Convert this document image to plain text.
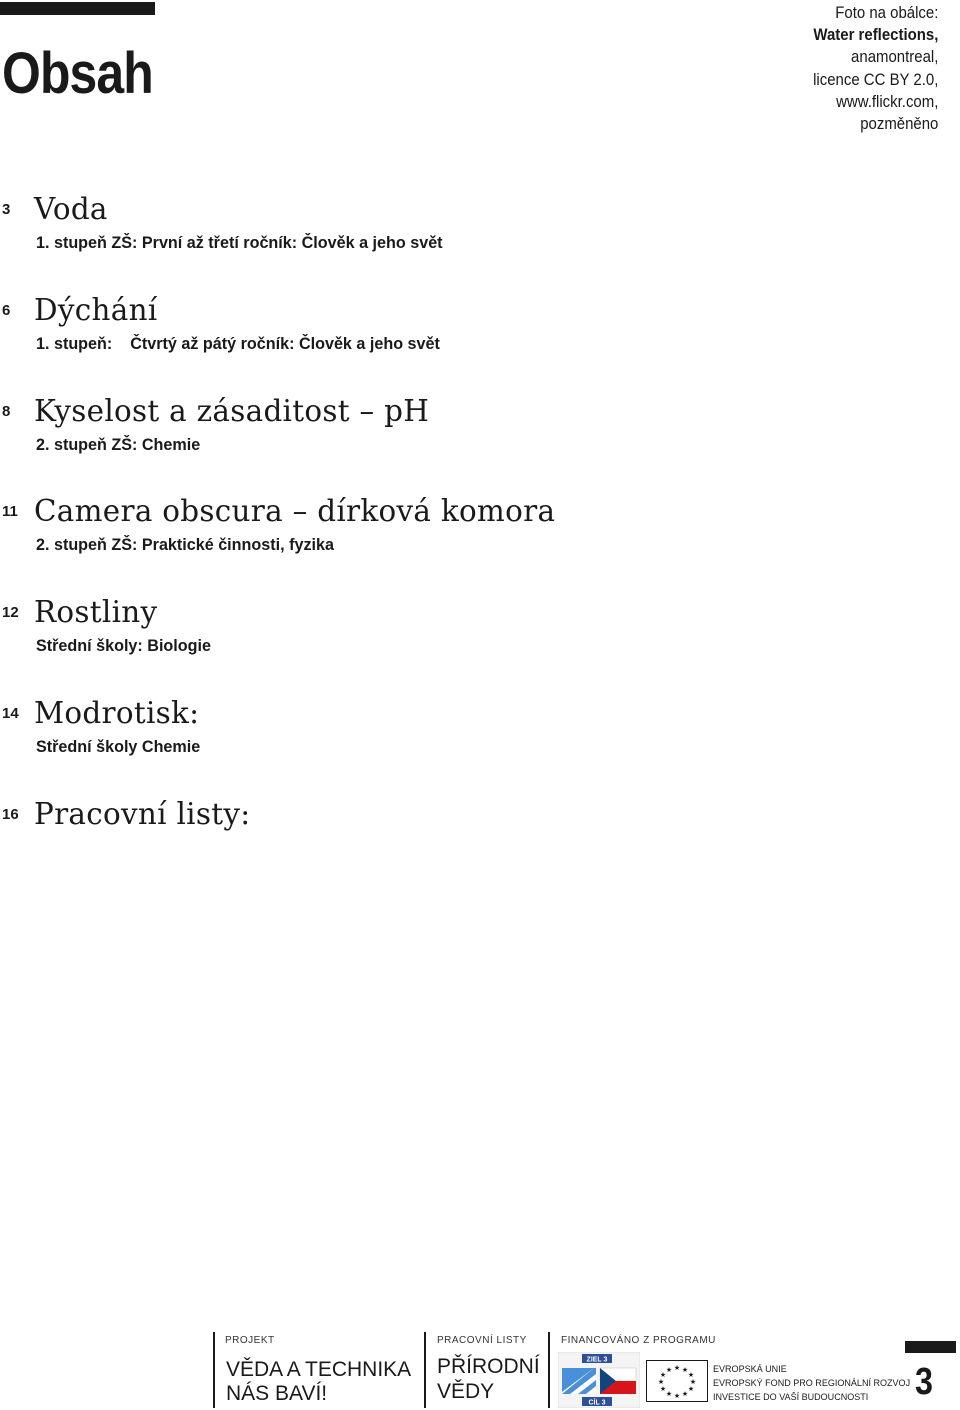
Obsah
Foto na obálce:
Water reflections,
anamontreal,
licence CC BY 2.0,
www.flickr.com,
pozměněno
3 Voda
1. stupeň ZŠ: První až třetí ročník: Člověk a jeho svět
6 Dýchání
1. stupeň:    Čtvrtý až pátý ročník: Člověk a jeho svět
8 Kyselost a zásaditost – pH
2. stupeň ZŠ: Chemie
11 Camera obscura – dírková komora
2. stupeň ZŠ: Praktické činnosti, fyzika
12 Rostliny
Střední školy: Biologie
14 Modrotisk:
Střední školy Chemie
16 Pracovní listy:
PROJEKT
VĚDA A TECHNIKA
NÁS BAVÍ!
PRACOVNÍ LISTY
PŘÍRODNÍ
VĚDY
FINANCOVÁNO Z PROGRAMU
ZIEL 3
CÍL 3
★ ★
★
★
★
★
★
★
★
★
★
★	EVROPSKÁ UNIE
EVROPSKÝ FOND PRO REGIONÁLNÍ ROZVOJ
INVESTICE DO VAŠÍ BUDOUCNOSTI 3
